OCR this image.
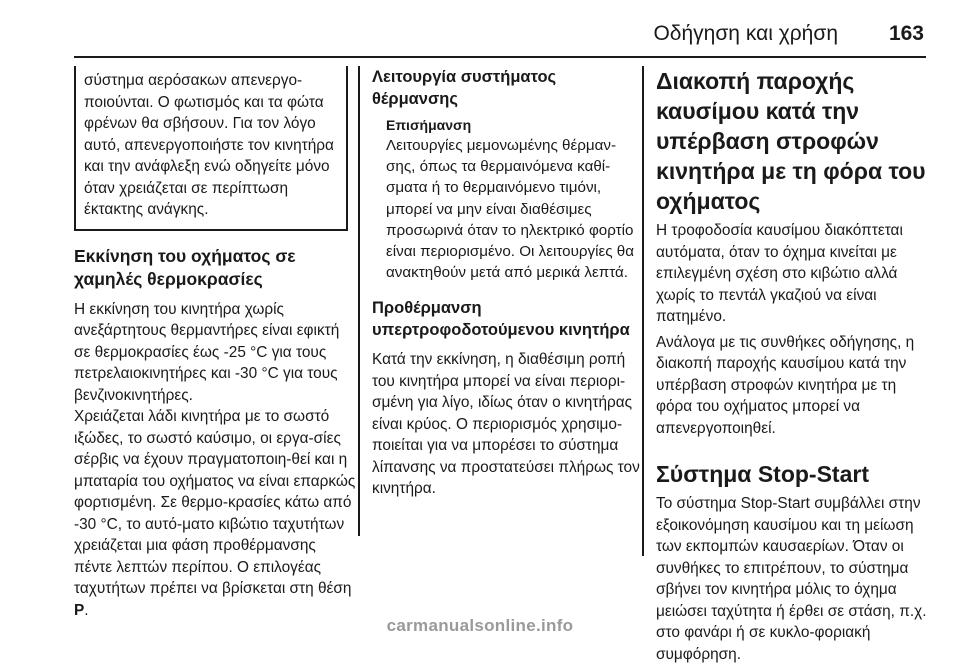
Οδήγηση και χρήση 163

σύστημα αερόσακων απενεργο-ποιούνται. Ο φωτισμός και τα φώτα φρένων θα σβήσουν. Για τον λόγο αυτό, απενεργοποιήστε τον κινητήρα και την ανάφλεξη ενώ οδηγείτε μόνο όταν χρειάζεται σε περίπτωση έκτακτης ανάγκης.

Εκκίνηση του οχήματος σε χαμηλές θερμοκρασίες

Η εκκίνηση του κινητήρα χωρίς ανεξάρτητους θερμαντήρες είναι εφικτή σε θερμοκρασίες έως -25 °C για τους πετρελαιοκινητήρες και -30 °C για τους βενζινοκινητήρες.

Χρειάζεται λάδι κινητήρα με το σωστό ιξώδες, το σωστό καύσιμο, οι εργα-σίες σέρβις να έχουν πραγματοποιη-θεί και η μπαταρία του οχήματος να είναι επαρκώς φορτισμένη. Σε θερμο-κρασίες κάτω από -30 °C, το αυτό-ματο κιβώτιο ταχυτήτων χρειάζεται μια φάση προθέρμανσης πέντε λεπτών περίπου. Ο επιλογέας ταχυτήτων πρέπει να βρίσκεται στη θέση P.

Λειτουργία συστήματος θέρμανσης
Επισήμανση

Λειτουργίες μεμονωμένης θέρμαν-σης, όπως τα θερμαινόμενα καθί-σματα ή το θερμαινόμενο τιμόνι, μπορεί να μην είναι διαθέσιμες προσωρινά όταν το ηλεκτρικό φορτίο είναι περιορισμένο. Οι λειτουργίες θα ανακτηθούν μετά από μερικά λεπτά.

Προθέρμανση υπερτροφοδοτούμενου κινητήρα

Κατά την εκκίνηση, η διαθέσιμη ροπή του κινητήρα μπορεί να είναι περιορι-σμένη για λίγο, ιδίως όταν ο κινητήρας είναι κρύος. Ο περιορισμός χρησιμο-ποιείται για να μπορέσει το σύστημα λίπανσης να προστατεύσει πλήρως τον κινητήρα.

Διακοπή παροχής καυσίμου κατά την υπέρβαση στροφών κινητήρα με τη φόρα του οχήματος

Η τροφοδοσία καυσίμου διακόπτεται αυτόματα, όταν το όχημα κινείται με επιλεγμένη σχέση στο κιβώτιο αλλά χωρίς το πεντάλ γκαζιού να είναι πατημένο.

Ανάλογα με τις συνθήκες οδήγησης, η διακοπή παροχής καυσίμου κατά την υπέρβαση στροφών κινητήρα με τη φόρα του οχήματος μπορεί να απενεργοποιηθεί.

Σύστημα Stop-Start

Το σύστημα Stop-Start συμβάλλει στην εξοικονόμηση καυσίμου και τη μείωση των εκπομπών καυσαερίων. Όταν οι συνθήκες το επιτρέπουν, το σύστημα σβήνει τον κινητήρα μόλις το όχημα μειώσει ταχύτητα ή έρθει σε στάση, π.χ. στο φανάρι ή σε κυκλο-φοριακή συμφόρηση.

carmanualsonline.info
